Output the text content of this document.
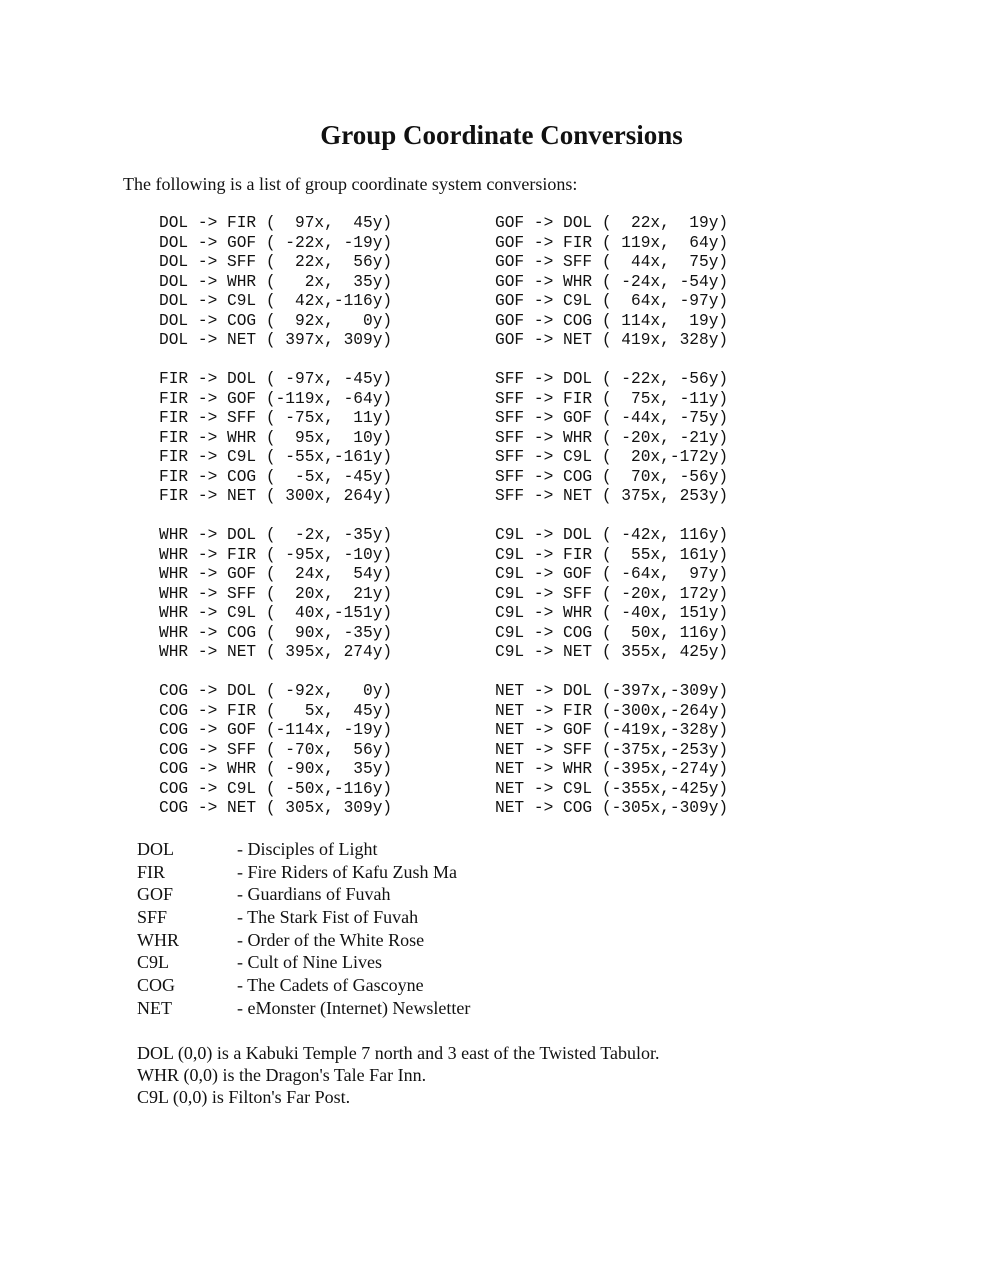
Group Coordinate Conversions
The following is a list of group coordinate system conversions:
DOL -> FIR (  97x,  45y)
DOL -> GOF ( -22x, -19y)
DOL -> SFF (  22x,  56y)
DOL -> WHR (   2x,  35y)
DOL -> C9L (  42x,-116y)
DOL -> COG (  92x,   0y)
DOL -> NET ( 397x, 309y)
FIR -> DOL ( -97x, -45y)
FIR -> GOF (-119x, -64y)
FIR -> SFF ( -75x,  11y)
FIR -> WHR (  95x,  10y)
FIR -> C9L ( -55x,-161y)
FIR -> COG (  -5x, -45y)
FIR -> NET ( 300x, 264y)
WHR -> DOL (  -2x, -35y)
WHR -> FIR ( -95x, -10y)
WHR -> GOF (  24x,  54y)
WHR -> SFF (  20x,  21y)
WHR -> C9L (  40x,-151y)
WHR -> COG (  90x, -35y)
WHR -> NET ( 395x, 274y)
COG -> DOL ( -92x,   0y)
COG -> FIR (   5x,  45y)
COG -> GOF (-114x, -19y)
COG -> SFF ( -70x,  56y)
COG -> WHR ( -90x,  35y)
COG -> C9L ( -50x,-116y)
COG -> NET ( 305x, 309y)
GOF -> DOL (  22x,  19y)
GOF -> FIR ( 119x,  64y)
GOF -> SFF (  44x,  75y)
GOF -> WHR ( -24x, -54y)
GOF -> C9L (  64x, -97y)
GOF -> COG ( 114x,  19y)
GOF -> NET ( 419x, 328y)
SFF -> DOL ( -22x, -56y)
SFF -> FIR (  75x, -11y)
SFF -> GOF ( -44x, -75y)
SFF -> WHR ( -20x, -21y)
SFF -> C9L (  20x,-172y)
SFF -> COG (  70x, -56y)
SFF -> NET ( 375x, 253y)
C9L -> DOL ( -42x, 116y)
C9L -> FIR (  55x, 161y)
C9L -> GOF ( -64x,  97y)
C9L -> SFF ( -20x, 172y)
C9L -> WHR ( -40x, 151y)
C9L -> COG (  50x, 116y)
C9L -> NET ( 355x, 425y)
NET -> DOL (-397x,-309y)
NET -> FIR (-300x,-264y)
NET -> GOF (-419x,-328y)
NET -> SFF (-375x,-253y)
NET -> WHR (-395x,-274y)
NET -> C9L (-355x,-425y)
NET -> COG (-305x,-309y)
DOL	- Disciples of Light
FIR	- Fire Riders of Kafu Zush Ma
GOF	- Guardians of Fuvah
SFF	- The Stark Fist of Fuvah
WHR	- Order of the White Rose
C9L	- Cult of Nine Lives
COG	- The Cadets of Gascoyne
NET	- eMonster (Internet) Newsletter
DOL (0,0) is a Kabuki Temple 7 north and 3 east of the Twisted Tabulor.
WHR (0,0) is the Dragon's Tale Far Inn.
C9L (0,0) is Filton's Far Post.
